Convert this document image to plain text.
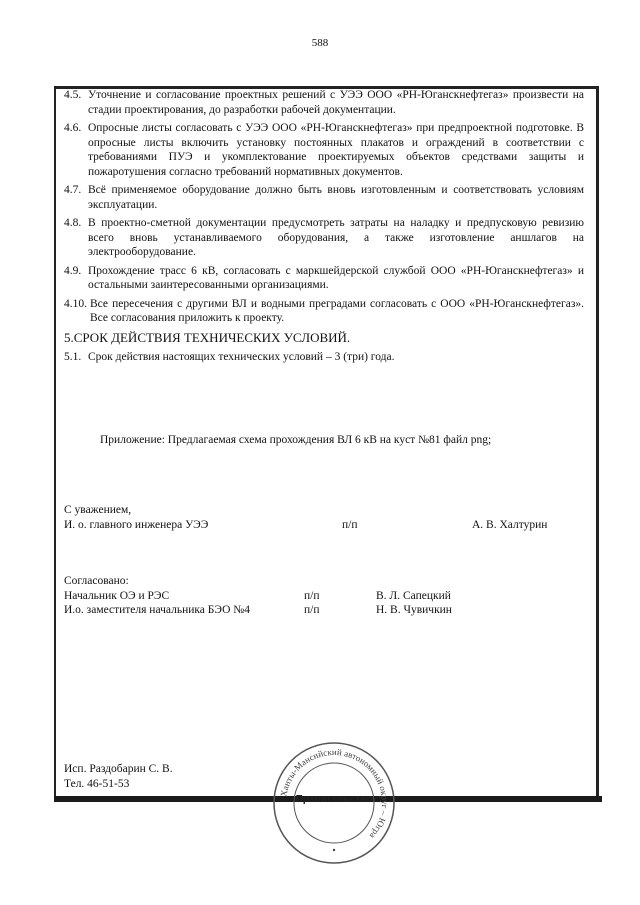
588
4.5. Уточнение и согласование проектных решений с УЭЭ ООО «РН-Юганскнефтегаз» произвести на стадии проектирования, до разработки рабочей документации.
4.6. Опросные листы согласовать с УЭЭ ООО «РН-Юганскнефтегаз» при предпроектной подготовке. В опросные листы включить установку постоянных плакатов и ограждений в соответствии с требованиями ПУЭ и укомплектование проектируемых объектов средствами защиты и пожаротушения согласно требований нормативных документов.
4.7. Всё применяемое оборудование должно быть вновь изготовленным и соответствовать условиям эксплуатации.
4.8. В проектно-сметной документации предусмотреть затраты на наладку и предпусковую ревизию всего вновь устанавливаемого оборудования, а также изготовление аншлагов на электрооборудование.
4.9. Прохождение трасс 6 кВ, согласовать с маркшейдерской службой ООО «РН-Юганскнефтегаз» и остальными заинтересованными организациями.
4.10. Все пересечения с другими ВЛ и водными преградами согласовать с ООО «РН-Юганскнефтегаз». Все согласования приложить к проекту.
5.СРОК ДЕЙСТВИЯ ТЕХНИЧЕСКИХ УСЛОВИЙ.
5.1. Срок действия настоящих технических условий – 3 (три) года.
Приложение: Предлагаемая схема прохождения ВЛ 6 кВ на куст №81 файл png;
С уважением,
И. о. главного инженера УЭЭ	п/п	А. В. Халтурин
Согласовано:
Начальник ОЭ и РЭС	п/п	В. Л. Сапецкий
И.о. заместителя начальника БЭО №4	п/п	Н. В. Чувичкин
Исп. Раздобарин С. В.
Тел. 46-51-53
Ханты-Мансийский автономный округ – Югра
Правительство
